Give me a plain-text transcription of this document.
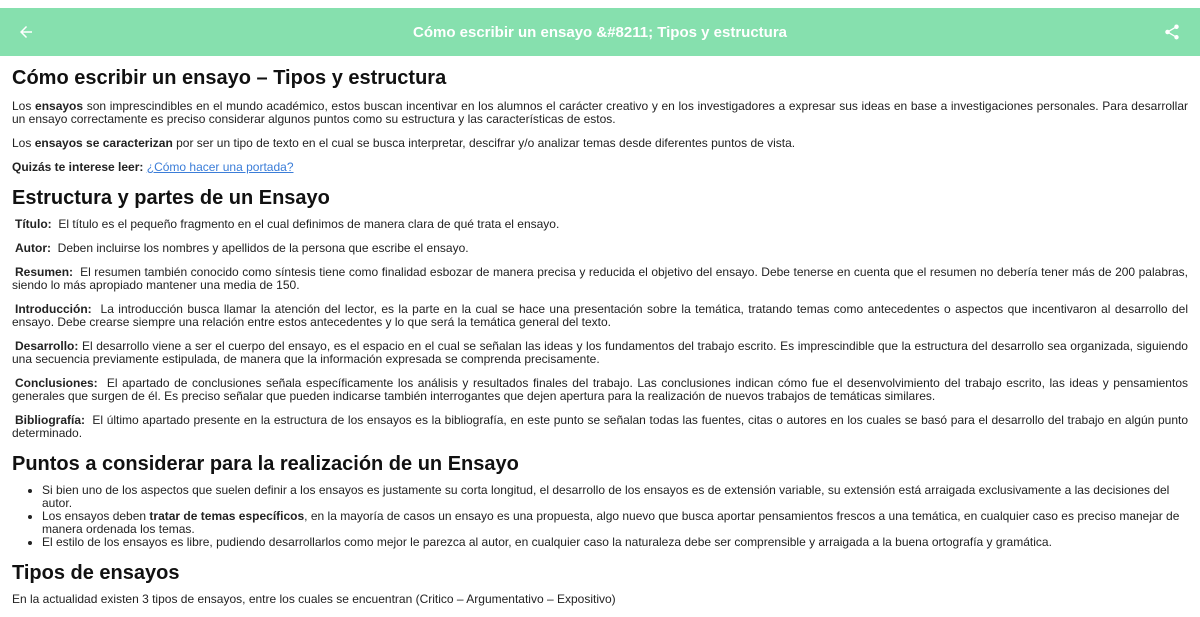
Cómo escribir un ensayo &#8211; Tipos y estructura
Cómo escribir un ensayo – Tipos y estructura

Los ensayos son imprescindibles en el mundo académico, estos buscan incentivar en los alumnos el carácter creativo y en los investigadores a expresar sus ideas en base a investigaciones personales. Para desarrollar un ensayo correctamente es preciso considerar algunos puntos como su estructura y las características de estos.

Los ensayos se caracterizan por ser un tipo de texto en el cual se busca interpretar, descifrar y/o analizar temas desde diferentes puntos de vista.

Quizás te interese leer: ¿Cómo hacer una portada?

Estructura y partes de un Ensayo

Título: El título es el pequeño fragmento en el cual definimos de manera clara de qué trata el ensayo.

Autor: Deben incluirse los nombres y apellidos de la persona que escribe el ensayo.

Resumen: El resumen también conocido como síntesis tiene como finalidad esbozar de manera precisa y reducida el objetivo del ensayo. Debe tenerse en cuenta que el resumen no debería tener más de 200 palabras, siendo lo más apropiado mantener una media de 150.

Introducción: La introducción busca llamar la atención del lector, es la parte en la cual se hace una presentación sobre la temática, tratando temas como antecedentes o aspectos que incentivaron al desarrollo del ensayo. Debe crearse siempre una relación entre estos antecedentes y lo que será la temática general del texto.

Desarrollo: El desarrollo viene a ser el cuerpo del ensayo, es el espacio en el cual se señalan las ideas y los fundamentos del trabajo escrito. Es imprescindible que la estructura del desarrollo sea organizada, siguiendo una secuencia previamente estipulada, de manera que la información expresada se comprenda precisamente.

Conclusiones: El apartado de conclusiones señala específicamente los análisis y resultados finales del trabajo. Las conclusiones indican cómo fue el desenvolvimiento del trabajo escrito, las ideas y pensamientos generales que surgen de él. Es preciso señalar que pueden indicarse también interrogantes que dejen apertura para la realización de nuevos trabajos de temáticas similares.

Bibliografía: El último apartado presente en la estructura de los ensayos es la bibliografía, en este punto se señalan todas las fuentes, citas o autores en los cuales se basó para el desarrollo del trabajo en algún punto determinado.

Puntos a considerar para la realización de un Ensayo
• Si bien uno de los aspectos que suelen definir a los ensayos es justamente su corta longitud, el desarrollo de los ensayos es de extensión variable, su extensión está arraigada exclusivamente a las decisiones del autor.
• Los ensayos deben tratar de temas específicos, en la mayoría de casos un ensayo es una propuesta, algo nuevo que busca aportar pensamientos frescos a una temática, en cualquier caso es preciso manejar de manera ordenada los temas.
• El estilo de los ensayos es libre, pudiendo desarrollarlos como mejor le parezca al autor, en cualquier caso la naturaleza debe ser comprensible y arraigada a la buena ortografía y gramática.
Tipos de ensayos

En la actualidad existen 3 tipos de ensayos, entre los cuales se encuentran (Critico – Argumentativo – Expositivo)
